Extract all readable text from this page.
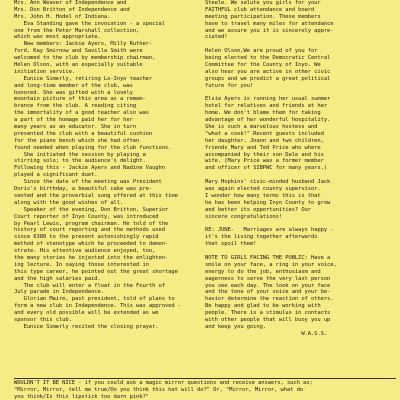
Mrs. Ann Weaver of Independence and
Mrs. Don Britton of Independence and
Mrs. John H. Hodel of Indiana.
Eva Standing gave the invocation - a special
one from the Peter Marshall collection,
which was most appropriate.
New members: Jackie Ayers, Milly Ruther-
ford, Kay Smirnow and Savilla Smith were
welcomed to the club by membership chairman,
Helen Olson, with an especially suitable
initiation service.
Eunice Simerly, retiring Lo-Inyo teacher
and long-time member of the club, was
honored. She was gifted with a lovely
mountain picture of this area as a remem-
brance from the club. A reading citing
the immortality of a good teacher also was
a part of the homage paid her for her
many years as an educator. She in turn
presented the club with a beautiful cushion
for the piano bench which she had often
found needed when playing for the club functions.
She initiated the session by playing a
stirring solo; to the audience's delight.
Following this - Jackie Ayers and Nadine Vaughn
played a significant duet.
Since the date of the meeting was President
Doris's birthday, a beautiful cake was pre-
sented and the proverbial song offered at this time
along with the good wishes of all.
Speaker of the evening, Don Britton, Superior
Court reporter of Inyo County, was introduced
by Pearl Lewis, program chairman. He told of the
history of court reporting and the methods used
since 6380 to the present astonishingly rapid
method of stenotype which he proceeded to demon-
strate. His attentive audience enjoyed, too,
the many stories he injected into the enlighten-
ing lecture. In saying those interested in
this type career, he pointed out the great shortage
and the high salaries paid.
The club will enter a float in the Fourth of
July parade in Independence.
Glorian Maire, past president, told of plans to
form a new club in Independence. This was approved -
and every old possible will be extended as we
sponsor this club.
Eunice Simerly recited the closing prayer.
Steele. We salute you girls for your
FAITHFUL club attendance and board
meeting participation. These members
have to travel many miles for attendance
and we assure you it is sincerely appre-
ciated!
Helen Olson,We are proud of you for
being elected to the Democratic Central
Committee for the County of Inyo. We
also hear you are active in other civic
groups and we predict a great political
future for you!
Elsie Ayers is running her usual summer
hotel for relatives and friends at her
home. We don't blame them for taking
advantage of her wonderful hospitality.
She is such a marvelous hostess and
"what a cook!" Recent guests included
her daughter, Joann and two children,
friends Mary and Ted Price who where
accompanied by their son Dale and his
wife. (Mary Price was a former member
and officer of SIBPWC for many years.)
Mary Hopkins' civic-minded husband Jack
was again elected county supervisor.
I wonder how many terms this is that
he has been helping Inyo County to grow
and better its opportunities? Our
sincere congratulations!
RE: JUNE-   Marriages are always happy -
it's the living together afterwards
that spoil them!
NOTE TO GIRLS FACING THE PUBLIC: Have a
smile on your face, a ring in your voice,
energy to do the job, enthusiasm and
eagerness to serve the very last person
you see each day. The look on your face
and the tone of your voice and your be-
havior determine the reaction of others.
Be happy and glad to be working with
people. There is a stimulus in contacts
with other people that will buoy you up
and keep you going.
W.A.S.S.
WOULDN'T IT BE NICE - if you could ask a magic mirror questions and receive answers, such as;
"Mirror, Mirror, tell me true/Do you think this hat will do?" Or, "Mirror, Mirror, what do
you think/Is this lipstick too darn pink?"
